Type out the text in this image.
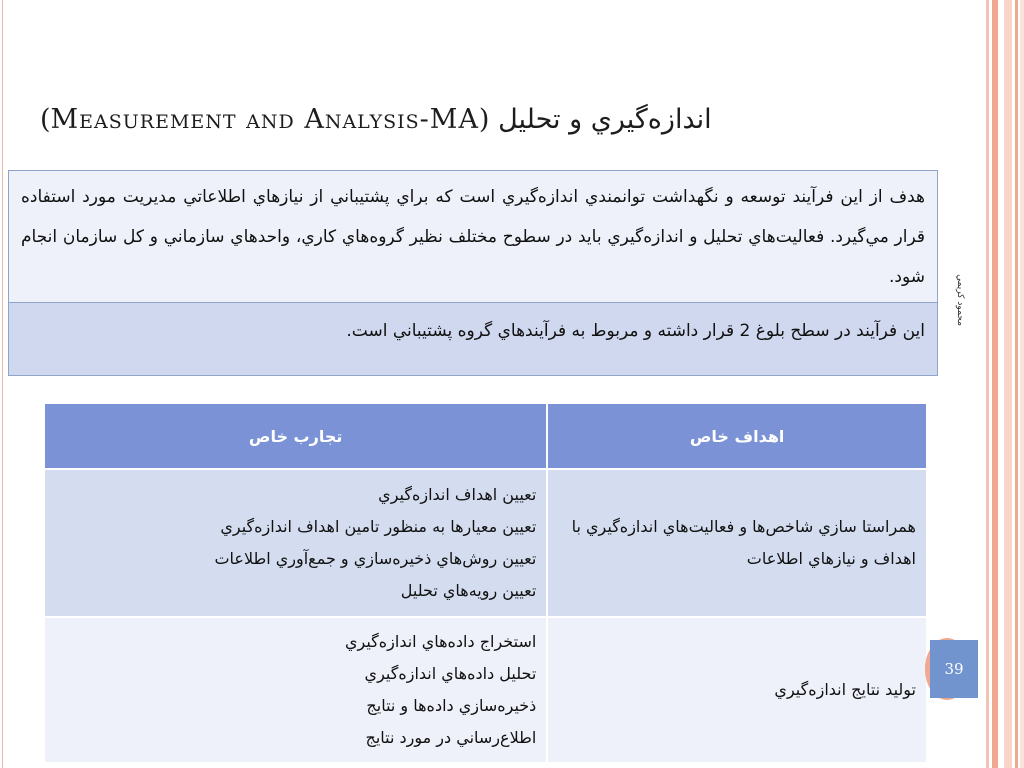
اندازه‌گيري و تحليل (Measurement and Analysis-MA)
هدف از اين فرآيند توسعه و نگهداشت توانمندي اندازه‌گيري است كه براي پشتيباني از نيازهاي اطلاعاتي مديريت مورد استفاده قرار مي‌گيرد. فعاليت‌هاي تحليل و اندازه‌گيري بايد در سطوح مختلف نظير گروه‌هاي كاري، واحدهاي سازماني و كل سازمان انجام شود.
اين فرآيند در سطح بلوغ 2 قرار داشته و مربوط به فرآيندهاي گروه پشتيباني است.
محمود كريمي
اهداف خاص	تجارب خاص
همراستا سازي شاخص‌ها و فعاليت‌هاي اندازه‌گيري با اهداف و نيازهاي اطلاعات	تعيين اهداف اندازه‌گيري
تعيين معيارها به منظور تامين اهداف اندازه‌گيري
تعيين روش‌هاي ذخيره‌سازي و جمع‌آوري اطلاعات
تعيين رويه‌هاي تحليل

توليد نتايج اندازه‌گيري	استخراج داده‌هاي اندازه‌گيري
تحليل داده‌هاي اندازه‌گيري
ذخيره‌سازي داده‌ها و نتايج
اطلاع‌رساني در مورد نتايج
39
